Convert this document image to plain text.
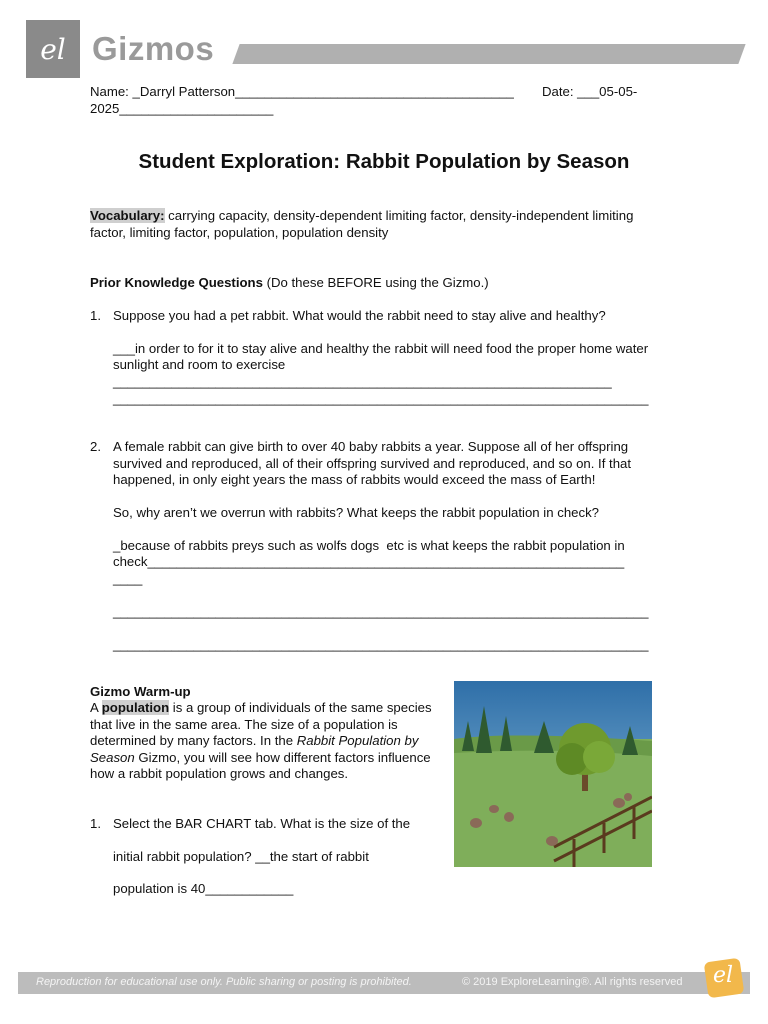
el Gizmos
Name: _Darryl Patterson______________________________________	Date: ___05-05-
2025_____________________
Student Exploration: Rabbit Population by Season
Vocabulary: carrying capacity, density-dependent limiting factor, density-independent limiting
factor, limiting factor, population, population density
Prior Knowledge Questions (Do these BEFORE using the Gizmo.)
1. Suppose you had a pet rabbit. What would the rabbit need to stay alive and healthy?
___in order to for it to stay alive and healthy the rabbit will need food the proper home water
sunlight and room to exercise
____________________________________________________________________
_________________________________________________________________________
2. A female rabbit can give birth to over 40 baby rabbits a year. Suppose all of her offspring
survived and reproduced, all of their offspring survived and reproduced, and so on. If that
happened, in only eight years the mass of rabbits would exceed the mass of Earth!
So, why aren’t we overrun with rabbits? What keeps the rabbit population in check?
_because of rabbits preys such as wolfs dogs  etc is what keeps the rabbit population in
check_________________________________________________________________
____
_________________________________________________________________________
_________________________________________________________________________
Gizmo Warm-up
A population is a group of individuals of the same species that live in the same area. The size of a population is determined by many factors. In the Rabbit Population by Season Gizmo, you will see how different factors influence how a rabbit population grows and changes.
1. Select the BAR CHART tab. What is the size of the
initial rabbit population? __the start of rabbit
population is 40____________
Reproduction for educational use only. Public sharing or posting is prohibited.	© 2019 ExploreLearning®. All rights reserved el
